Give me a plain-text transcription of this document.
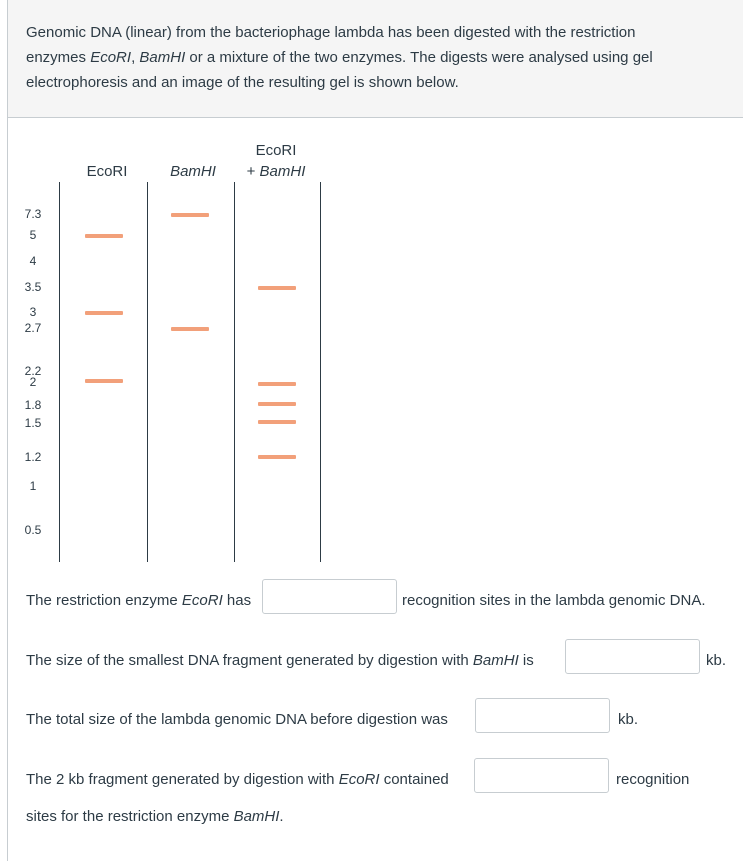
Genomic DNA (linear) from the bacteriophage lambda has been digested with the restriction
enzymes EcoRI, BamHI or a mixture of the two enzymes. The digests were analysed using gel
electrophoresis and an image of the resulting gel is shown below.

EcoRI	BamHI
EcoRI
+ BamHI
7.3
5
4
3.5
3
2.7
2.2
2
1.8
1.5
1.2
1
0.5
The restriction enzyme EcoRI has	recognition sites in the lambda genomic DNA.
The size of the smallest DNA fragment generated by digestion with BamHI is	kb.
The total size of the lambda genomic DNA before digestion was	kb.
The 2 kb fragment generated by digestion with EcoRI contained	recognition
sites for the restriction enzyme BamHI.
